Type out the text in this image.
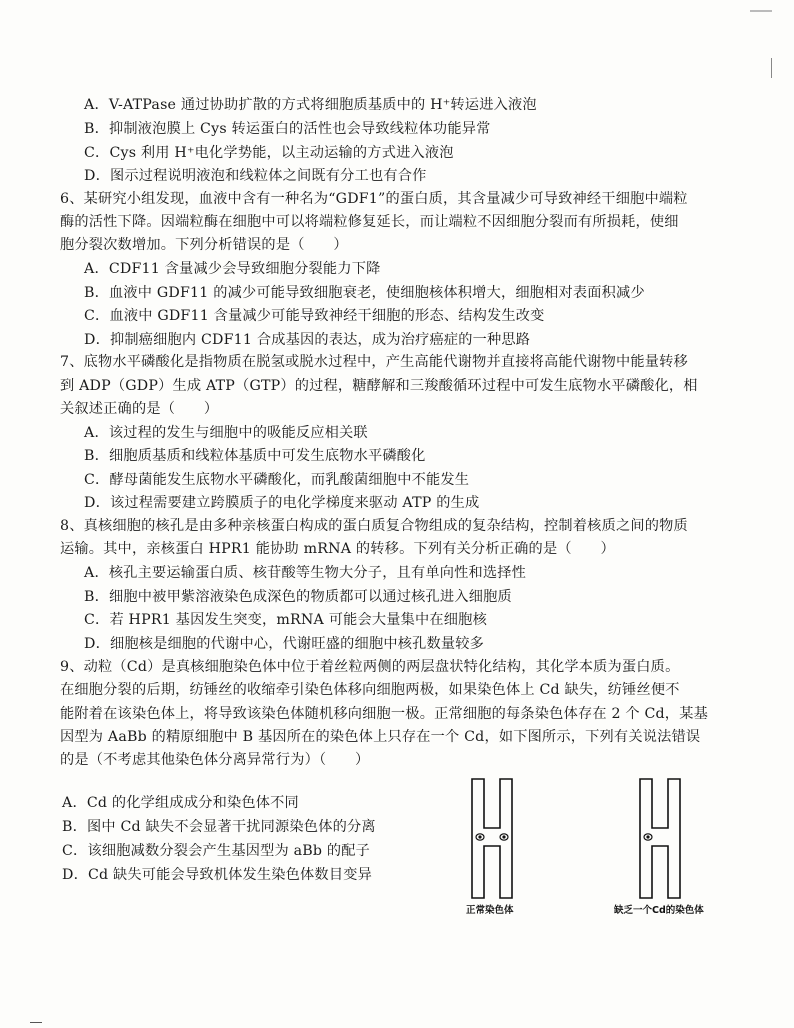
A．V-ATPase 通过协助扩散的方式将细胞质基质中的 H⁺转运进入液泡
B．抑制液泡膜上 Cys 转运蛋白的活性也会导致线粒体功能异常
C．Cys 利用 H⁺电化学势能，以主动运输的方式进入液泡
D．图示过程说明液泡和线粒体之间既有分工也有合作
6、某研究小组发现，血液中含有一种名为“GDF1”的蛋白质，其含量减少可导致神经干细胞中端粒
酶的活性下降。因端粒酶在细胞中可以将端粒修复延长，而让端粒不因细胞分裂而有所损耗，使细
胞分裂次数增加。下列分析错误的是（　　）
A．CDF11 含量减少会导致细胞分裂能力下降
B．血液中 GDF11 的减少可能导致细胞衰老，使细胞核体积增大，细胞相对表面积减少
C．血液中 GDF11 含量减少可能导致神经干细胞的形态、结构发生改变
D．抑制癌细胞内 CDF11 合成基因的表达，成为治疗癌症的一种思路
7、底物水平磷酸化是指物质在脱氢或脱水过程中，产生高能代谢物并直接将高能代谢物中能量转移
到 ADP（GDP）生成 ATP（GTP）的过程，糖酵解和三羧酸循环过程中可发生底物水平磷酸化，相
关叙述正确的是（　　）
A．该过程的发生与细胞中的吸能反应相关联
B．细胞质基质和线粒体基质中可发生底物水平磷酸化
C．酵母菌能发生底物水平磷酸化，而乳酸菌细胞中不能发生
D．该过程需要建立跨膜质子的电化学梯度来驱动 ATP 的生成
8、真核细胞的核孔是由多种亲核蛋白构成的蛋白质复合物组成的复杂结构，控制着核质之间的物质
运输。其中，亲核蛋白 HPR1 能协助 mRNA 的转移。下列有关分析正确的是（　　）
A．核孔主要运输蛋白质、核苷酸等生物大分子，且有单向性和选择性
B．细胞中被甲紫溶液染色成深色的物质都可以通过核孔进入细胞质
C．若 HPR1 基因发生突变，mRNA 可能会大量集中在细胞核
D．细胞核是细胞的代谢中心，代谢旺盛的细胞中核孔数量较多
9、动粒（Cd）是真核细胞染色体中位于着丝粒两侧的两层盘状特化结构，其化学本质为蛋白质。
在细胞分裂的后期，纺锤丝的收缩牵引染色体移向细胞两极，如果染色体上 Cd 缺失，纺锤丝便不
能附着在该染色体上，将导致该染色体随机移向细胞一极。正常细胞的每条染色体存在 2 个 Cd，某基
因型为 AaBb 的精原细胞中 B 基因所在的染色体上只存在一个 Cd，如下图所示，下列有关说法错误
的是（不考虑其他染色体分离异常行为）（　　）
A．Cd 的化学组成成分和染色体不同
B．图中 Cd 缺失不会显著干扰同源染色体的分离
C．该细胞减数分裂会产生基因型为 aBb 的配子
D．Cd 缺失可能会导致机体发生染色体数目变异
正常染色体	缺乏一个Cd的染色体
